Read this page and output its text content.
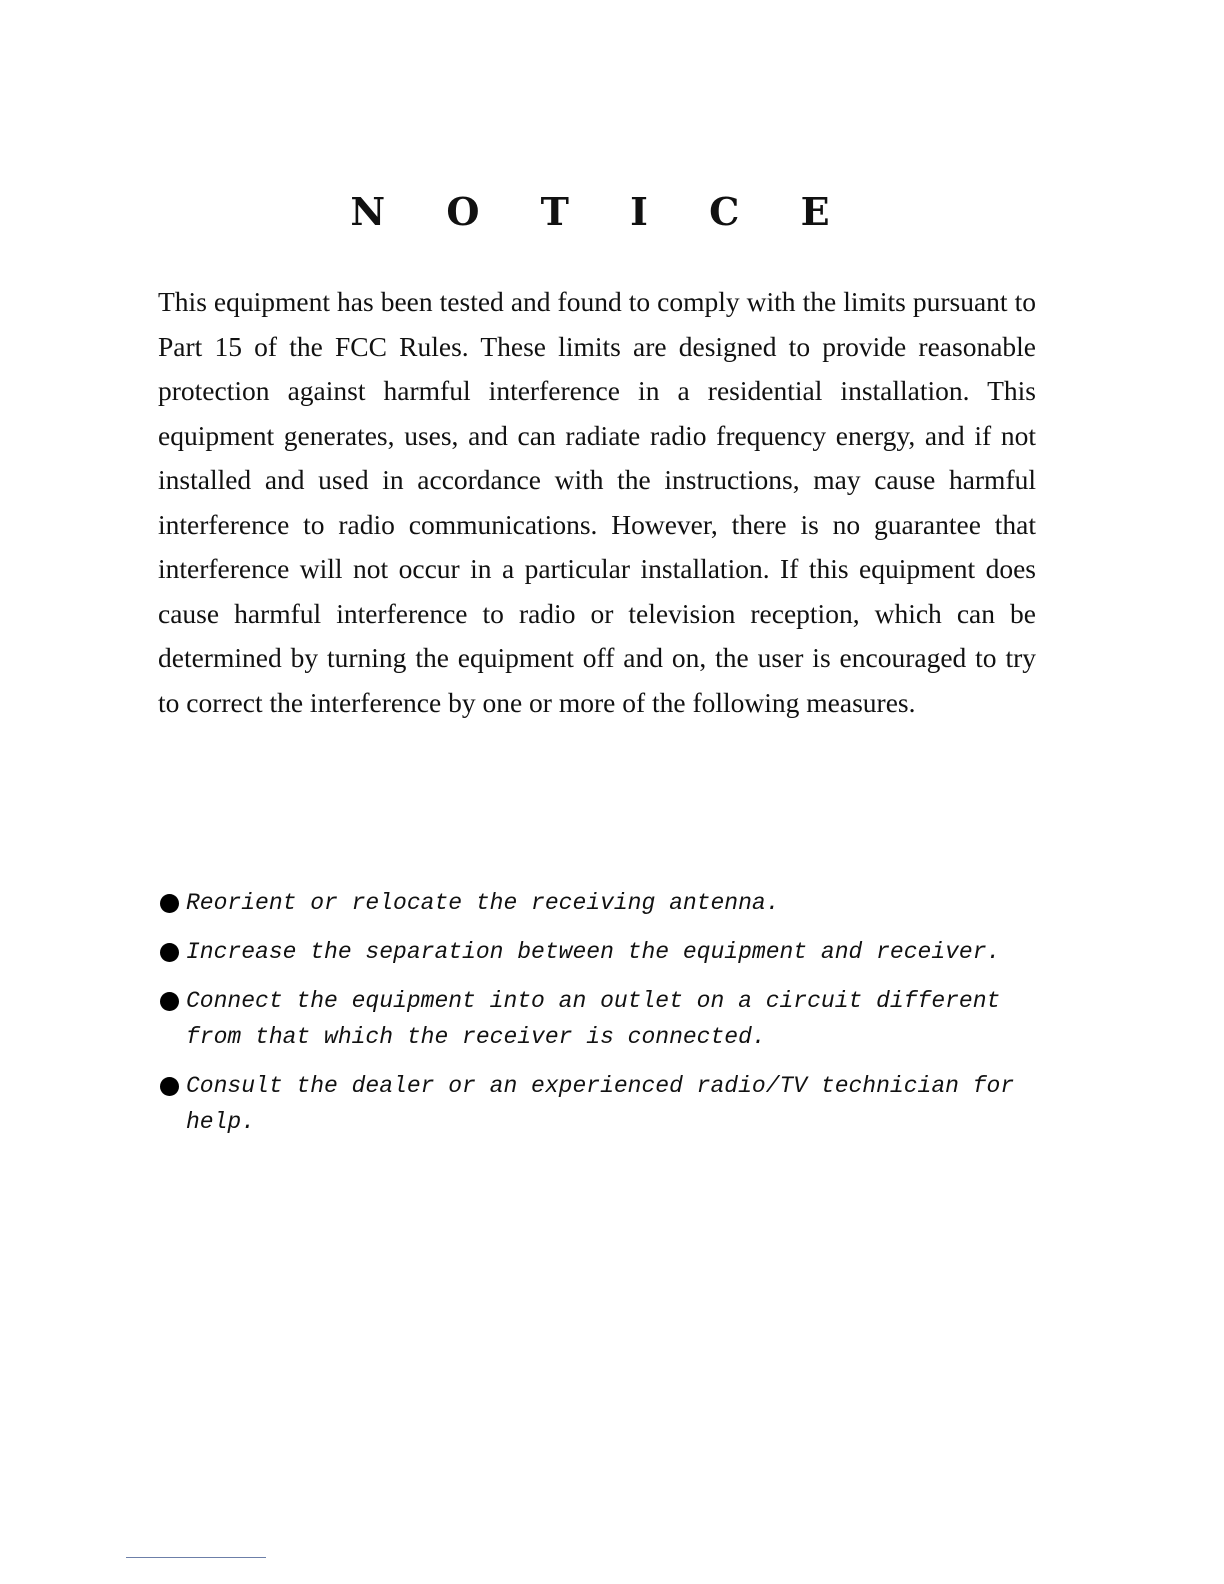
N O T I C E

This equipment has been tested and found to comply with the limits pursuant to Part 15 of the FCC Rules. These limits are designed to provide reasonable protection against harmful interference in a residential installation. This equipment generates, uses, and can radiate radio frequency energy, and if not installed and used in accordance with the instructions, may cause harmful interference to radio communications. However, there is no guarantee that interference will not occur in a particular installation. If this equipment does cause harmful interference to radio or television reception, which can be determined by turning the equipment off and on, the user is encouraged to try to correct the interference by one or more of the following measures.

Reorient or relocate the receiving antenna.
Increase the separation between the equipment and receiver.
Connect the equipment into an outlet on a circuit different from that which the receiver is connected.
Consult the dealer or an experienced radio/TV technician for help.
